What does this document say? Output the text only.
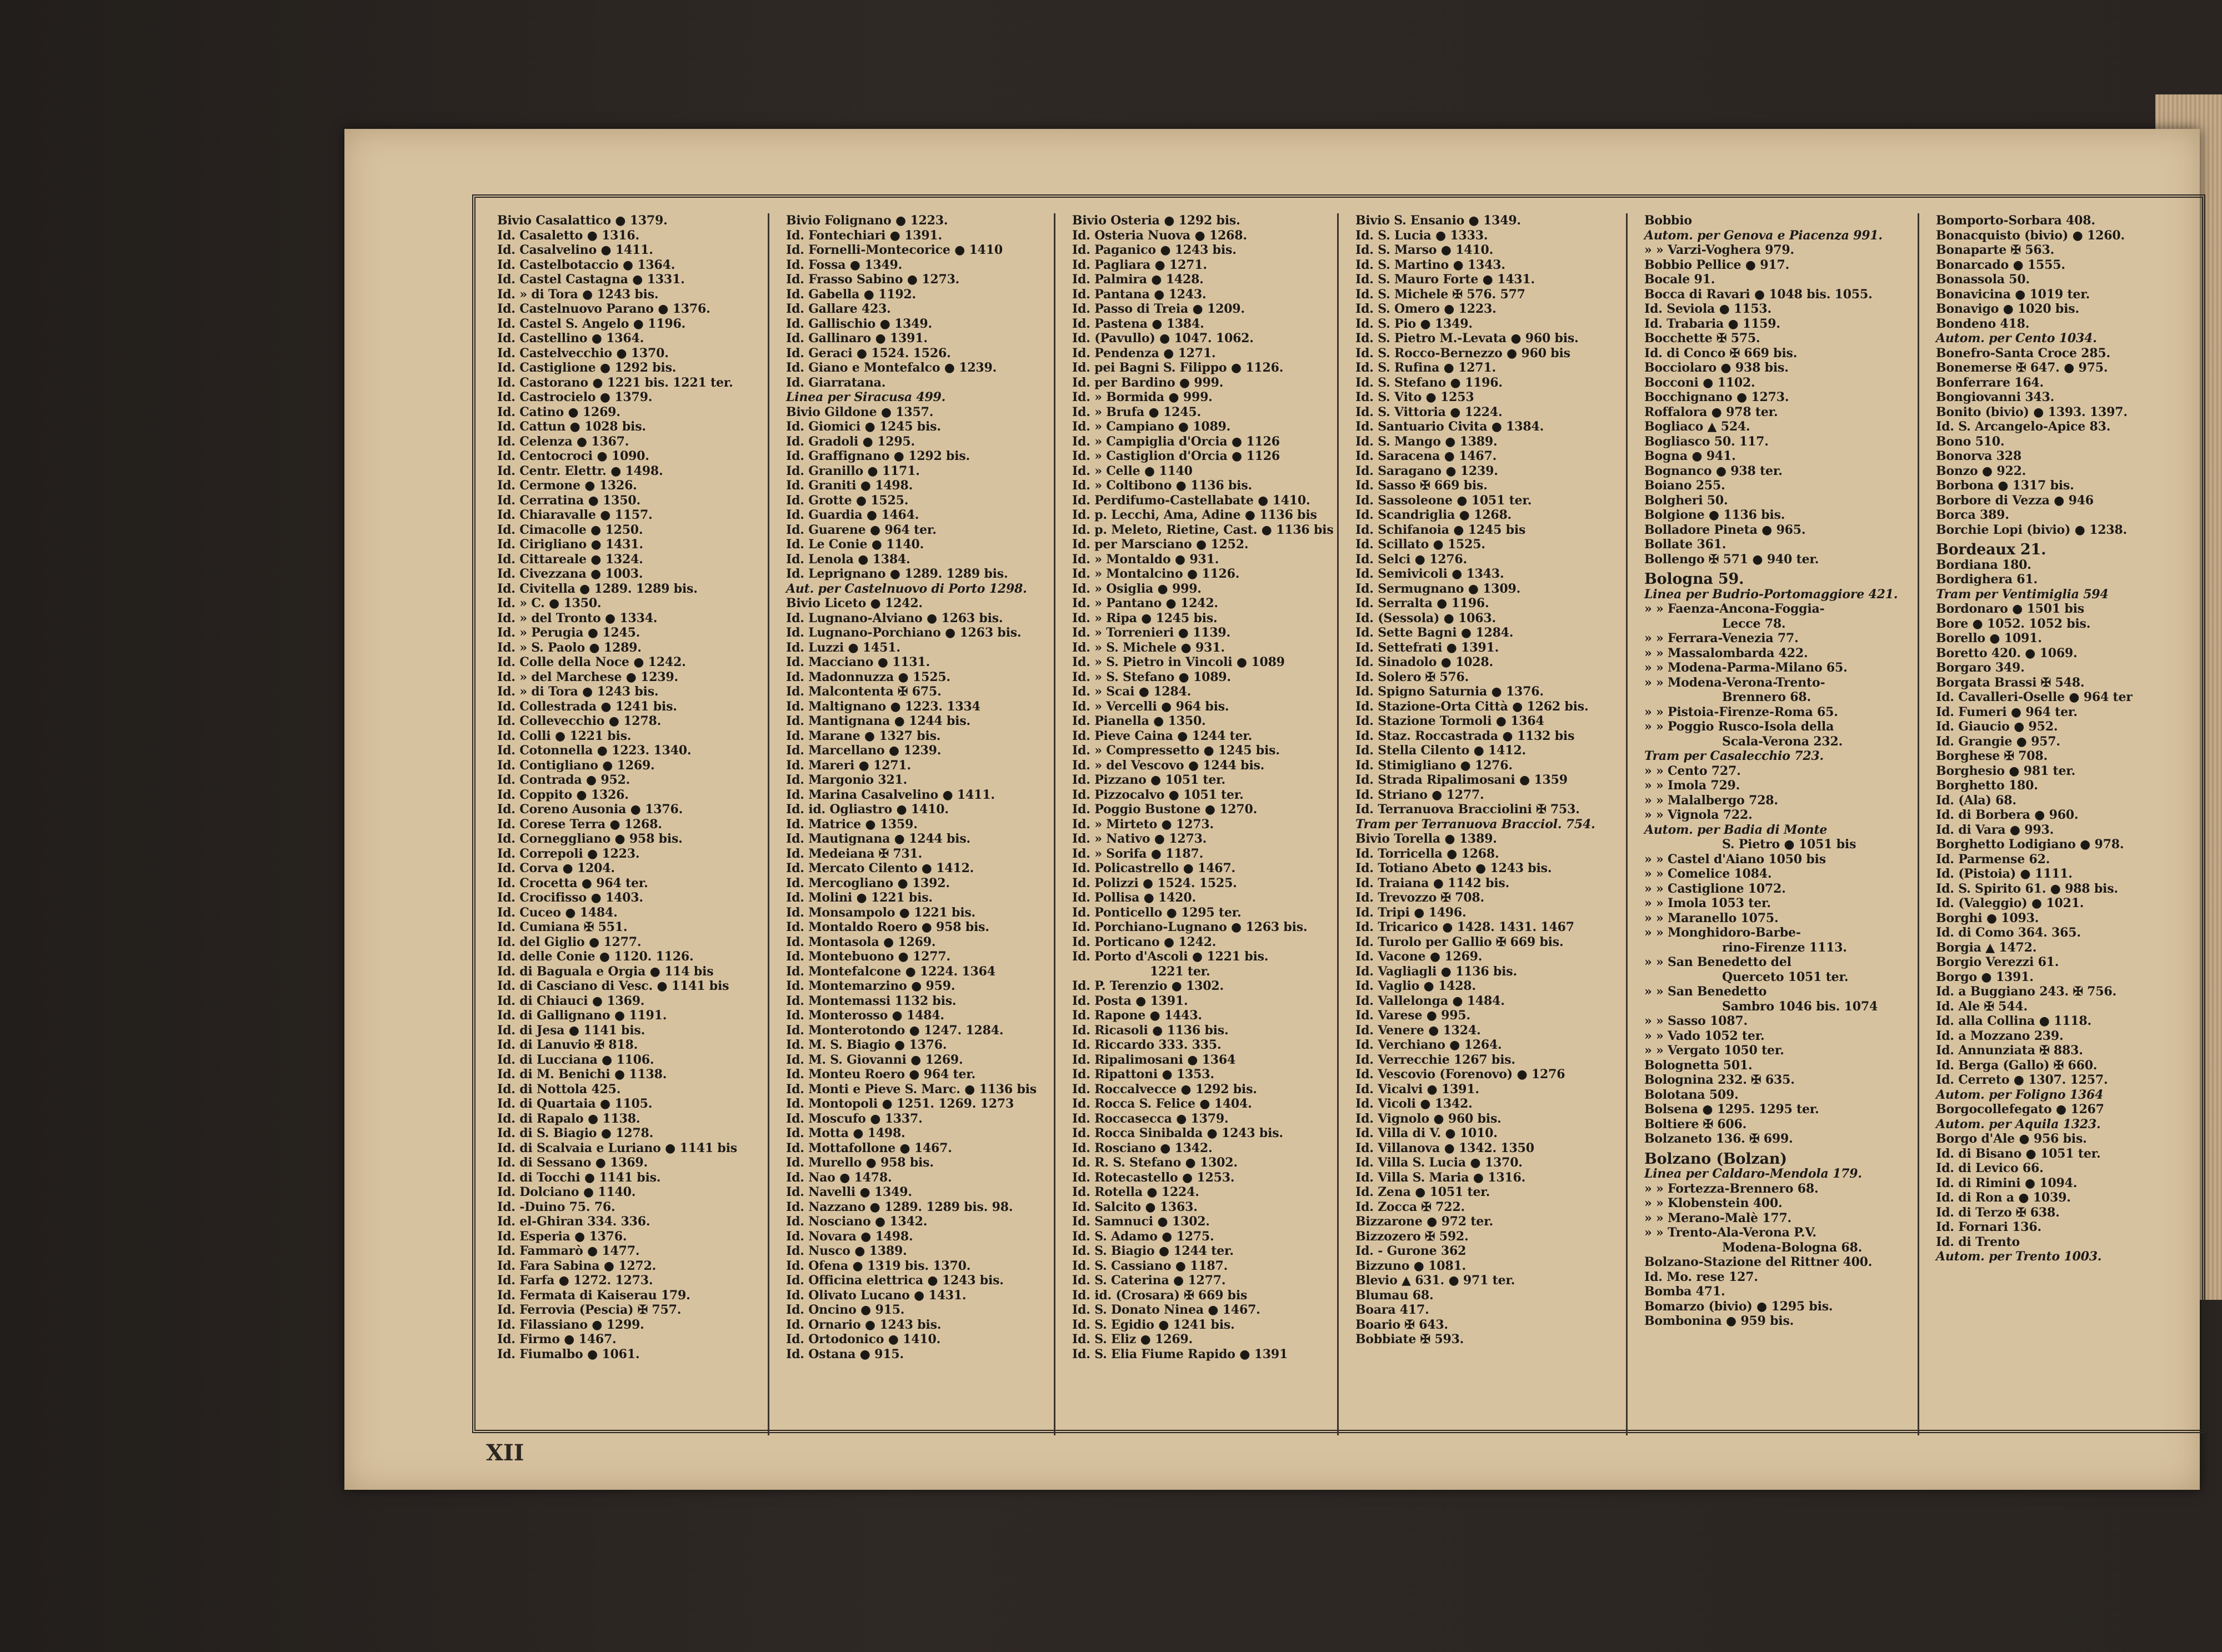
Bivio Casalattico ● 1379.
Id. Casaletto ● 1316.
Id. Casalvelino ● 1411.
Id. Castelbotaccio ● 1364.
Id. Castel Castagna ● 1331.
Id. » di Tora ● 1243 bis.
Id. Castelnuovo Parano ● 1376.
Id. Castel S. Angelo ● 1196.
Id. Castellino ● 1364.
Id. Castelvecchio ● 1370.
Id. Castiglione ● 1292 bis.
Id. Castorano ● 1221 bis. 1221 ter.
Id. Castrocielo ● 1379.
Id. Catino ● 1269.
Id. Cattun ● 1028 bis.
Id. Celenza ● 1367.
Id. Centocroci ● 1090.
Id. Centr. Elettr. ● 1498.
Id. Cermone ● 1326.
Id. Cerratina ● 1350.
Id. Chiaravalle ● 1157.
Id. Cimacolle ● 1250.
Id. Cirigliano ● 1431.
Id. Cittareale ● 1324.
Id. Civezzana ● 1003.
Id. Civitella ● 1289. 1289 bis.
Id. » C. ● 1350.
Id. » del Tronto ● 1334.
Id. » Perugia ● 1245.
Id. » S. Paolo ● 1289.
Id. Colle della Noce ● 1242.
Id. » del Marchese ● 1239.
Id. » di Tora ● 1243 bis.
Id. Collestrada ● 1241 bis.
Id. Collevecchio ● 1278.
Id. Colli ● 1221 bis.
Id. Cotonnella ● 1223. 1340.
Id. Contigliano ● 1269.
Id. Contrada ● 952.
Id. Coppito ● 1326.
Id. Coreno Ausonia ● 1376.
Id. Corese Terra ● 1268.
Id. Corneggliano ● 958 bis.
Id. Correpoli ● 1223.
Id. Corva ● 1204.
Id. Crocetta ● 964 ter.
Id. Crocifisso ● 1403.
Id. Cuceo ● 1484.
Id. Cumiana ✠ 551.
Id. del Giglio ● 1277.
Id. delle Conie ● 1120. 1126.
Id. di Baguala e Orgia ● 114 bis
Id. di Casciano di Vesc. ● 1141 bis
Id. di Chiauci ● 1369.
Id. di Gallignano ● 1191.
Id. di Jesa ● 1141 bis.
Id. di Lanuvio ✠ 818.
Id. di Lucciana ● 1106.
Id. di M. Benichi ● 1138.
Id. di Nottola 425.
Id. di Quartaia ● 1105.
Id. di Rapalo ● 1138.
Id. di S. Biagio ● 1278.
Id. di Scalvaia e Luriano ● 1141 bis
Id. di Sessano ● 1369.
Id. di Tocchi ● 1141 bis.
Id. Dolciano ● 1140.
Id. -Duino 75. 76.
Id. el-Ghiran 334. 336.
Id. Esperia ● 1376.
Id. Fammarò ● 1477.
Id. Fara Sabina ● 1272.
Id. Farfa ● 1272. 1273.
Id. Fermata di Kaiserau 179.
Id. Ferrovia (Pescia) ✠ 757.
Id. Filassiano ● 1299.
Id. Firmo ● 1467.
Id. Fiumalbo ● 1061.
Bivio Folignano ● 1223.
Id. Fontechiari ● 1391.
Id. Fornelli-Montecorice ● 1410
Id. Fossa ● 1349.
Id. Frasso Sabino ● 1273.
Id. Gabella ● 1192.
Id. Gallare 423.
Id. Gallischio ● 1349.
Id. Gallinaro ● 1391.
Id. Geraci ● 1524. 1526.
Id. Giano e Montefalco ● 1239.
Id. Giarratana.
Linea per Siracusa 499.
Bivio Gildone ● 1357.
Id. Giomici ● 1245 bis.
Id. Gradoli ● 1295.
Id. Graffignano ● 1292 bis.
Id. Granillo ● 1171.
Id. Graniti ● 1498.
Id. Grotte ● 1525.
Id. Guardia ● 1464.
Id. Guarene ● 964 ter.
Id. Le Conie ● 1140.
Id. Lenola ● 1384.
Id. Leprignano ● 1289. 1289 bis.
Aut. per Castelnuovo di Porto 1298.
Bivio Liceto ● 1242.
Id. Lugnano-Alviano ● 1263 bis.
Id. Lugnano-Porchiano ● 1263 bis.
Id. Luzzi ● 1451.
Id. Macciano ● 1131.
Id. Madonnuzza ● 1525.
Id. Malcontenta ✠ 675.
Id. Maltignano ● 1223. 1334
Id. Mantignana ● 1244 bis.
Id. Marane ● 1327 bis.
Id. Marcellano ● 1239.
Id. Mareri ● 1271.
Id. Margonio 321.
Id. Marina Casalvelino ● 1411.
Id. id. Ogliastro ● 1410.
Id. Matrice ● 1359.
Id. Mautignana ● 1244 bis.
Id. Medeiana ✠ 731.
Id. Mercato Cilento ● 1412.
Id. Mercogliano ● 1392.
Id. Molini ● 1221 bis.
Id. Monsampolo ● 1221 bis.
Id. Montaldo Roero ● 958 bis.
Id. Montasola ● 1269.
Id. Montebuono ● 1277.
Id. Montefalcone ● 1224. 1364
Id. Montemarzino ● 959.
Id. Montemassi 1132 bis.
Id. Monterosso ● 1484.
Id. Monterotondo ● 1247. 1284.
Id. M. S. Biagio ● 1376.
Id. M. S. Giovanni ● 1269.
Id. Monteu Roero ● 964 ter.
Id. Monti e Pieve S. Marc. ● 1136 bis
Id. Montopoli ● 1251. 1269. 1273
Id. Moscufo ● 1337.
Id. Motta ● 1498.
Id. Mottafollone ● 1467.
Id. Murello ● 958 bis.
Id. Nao ● 1478.
Id. Navelli ● 1349.
Id. Nazzano ● 1289. 1289 bis. 98.
Id. Nosciano ● 1342.
Id. Novara ● 1498.
Id. Nusco ● 1389.
Id. Ofena ● 1319 bis. 1370.
Id. Officina elettrica ● 1243 bis.
Id. Olivato Lucano ● 1431.
Id. Oncino ● 915.
Id. Ornario ● 1243 bis.
Id. Ortodonico ● 1410.
Id. Ostana ● 915.
Bivio Osteria ● 1292 bis.
Id. Osteria Nuova ● 1268.
Id. Paganico ● 1243 bis.
Id. Pagliara ● 1271.
Id. Palmira ● 1428.
Id. Pantana ● 1243.
Id. Passo di Treia ● 1209.
Id. Pastena ● 1384.
Id. (Pavullo) ● 1047. 1062.
Id. Pendenza ● 1271.
Id. pei Bagni S. Filippo ● 1126.
Id. per Bardino ● 999.
Id. » Bormida ● 999.
Id. » Brufa ● 1245.
Id. » Campiano ● 1089.
Id. » Campiglia d'Orcia ● 1126
Id. » Castiglion d'Orcia ● 1126
Id. » Celle ● 1140
Id. » Coltibono ● 1136 bis.
Id. Perdifumo-Castellabate ● 1410.
Id. p. Lecchi, Ama, Adine ● 1136 bis
Id. p. Meleto, Rietine, Cast. ● 1136 bis
Id. per Marsciano ● 1252.
Id. » Montaldo ● 931.
Id. » Montalcino ● 1126.
Id. » Osiglia ● 999.
Id. » Pantano ● 1242.
Id. » Ripa ● 1245 bis.
Id. » Torrenieri ● 1139.
Id. » S. Michele ● 931.
Id. » S. Pietro in Vincoli ● 1089
Id. » S. Stefano ● 1089.
Id. » Scai ● 1284.
Id. » Vercelli ● 964 bis.
Id. Pianella ● 1350.
Id. Pieve Caina ● 1244 ter.
Id. » Compressetto ● 1245 bis.
Id. » del Vescovo ● 1244 bis.
Id. Pizzano ● 1051 ter.
Id. Pizzocalvo ● 1051 ter.
Id. Poggio Bustone ● 1270.
Id. » Mirteto ● 1273.
Id. » Nativo ● 1273.
Id. » Sorifa ● 1187.
Id. Policastrello ● 1467.
Id. Polizzi ● 1524. 1525.
Id. Pollisa ● 1420.
Id. Ponticello ● 1295 ter.
Id. Porchiano-Lugnano ● 1263 bis.
Id. Porticano ● 1242.
Id. Porto d'Ascoli ● 1221 bis.
1221 ter.
Id. P. Terenzio ● 1302.
Id. Posta ● 1391.
Id. Rapone ● 1443.
Id. Ricasoli ● 1136 bis.
Id. Riccardo 333. 335.
Id. Ripalimosani ● 1364
Id. Ripattoni ● 1353.
Id. Roccalvecce ● 1292 bis.
Id. Rocca S. Felice ● 1404.
Id. Roccasecca ● 1379.
Id. Rocca Sinibalda ● 1243 bis.
Id. Rosciano ● 1342.
Id. R. S. Stefano ● 1302.
Id. Rotecastello ● 1253.
Id. Rotella ● 1224.
Id. Salcito ● 1363.
Id. Samnuci ● 1302.
Id. S. Adamo ● 1275.
Id. S. Biagio ● 1244 ter.
Id. S. Cassiano ● 1187.
Id. S. Caterina ● 1277.
Id. id. (Crosara) ✠ 669 bis
Id. S. Donato Ninea ● 1467.
Id. S. Egidio ● 1241 bis.
Id. S. Eliz ● 1269.
Id. S. Elia Fiume Rapido ● 1391
Bivio S. Ensanio ● 1349.
Id. S. Lucia ● 1333.
Id. S. Marso ● 1410.
Id. S. Martino ● 1343.
Id. S. Mauro Forte ● 1431.
Id. S. Michele ✠ 576. 577
Id. S. Omero ● 1223.
Id. S. Pio ● 1349.
Id. S. Pietro M.-Levata ● 960 bis.
Id. S. Rocco-Bernezzo ● 960 bis
Id. S. Rufina ● 1271.
Id. S. Stefano ● 1196.
Id. S. Vito ● 1253
Id. S. Vittoria ● 1224.
Id. Santuario Civita ● 1384.
Id. S. Mango ● 1389.
Id. Saracena ● 1467.
Id. Saragano ● 1239.
Id. Sasso ✠ 669 bis.
Id. Sassoleone ● 1051 ter.
Id. Scandriglia ● 1268.
Id. Schifanoia ● 1245 bis
Id. Scillato ● 1525.
Id. Selci ● 1276.
Id. Semivicoli ● 1343.
Id. Sermugnano ● 1309.
Id. Serralta ● 1196.
Id. (Sessola) ● 1063.
Id. Sette Bagni ● 1284.
Id. Settefrati ● 1391.
Id. Sinadolo ● 1028.
Id. Solero ✠ 576.
Id. Spigno Saturnia ● 1376.
Id. Stazione-Orta Città ● 1262 bis.
Id. Stazione Tormoli ● 1364
Id. Staz. Roccastrada ● 1132 bis
Id. Stella Cilento ● 1412.
Id. Stimigliano ● 1276.
Id. Strada Ripalimosani ● 1359
Id. Striano ● 1277.
Id. Terranuova Bracciolini ✠ 753.
Tram per Terranuova Bracciol. 754.
Bivio Torella ● 1389.
Id. Torricella ● 1268.
Id. Totiano Abeto ● 1243 bis.
Id. Traiana ● 1142 bis.
Id. Trevozzo ✠ 708.
Id. Tripi ● 1496.
Id. Tricarico ● 1428. 1431. 1467
Id. Turolo per Gallio ✠ 669 bis.
Id. Vacone ● 1269.
Id. Vagliagli ● 1136 bis.
Id. Vaglio ● 1428.
Id. Vallelonga ● 1484.
Id. Varese ● 995.
Id. Venere ● 1324.
Id. Verchiano ● 1264.
Id. Verrecchie 1267 bis.
Id. Vescovio (Forenovo) ● 1276
Id. Vicalvi ● 1391.
Id. Vicoli ● 1342.
Id. Vignolo ● 960 bis.
Id. Villa di V. ● 1010.
Id. Villanova ● 1342. 1350
Id. Villa S. Lucia ● 1370.
Id. Villa S. Maria ● 1316.
Id. Zena ● 1051 ter.
Id. Zocca ✠ 722.
Bizzarone ● 972 ter.
Bizzozero ✠ 592.
Id. - Gurone 362
Bizzuno ● 1081.
Blevio ▲ 631. ● 971 ter.
Blumau 68.
Boara 417.
Boario ✠ 643.
Bobbiate ✠ 593.
Bobbio
Autom. per Genova e Piacenza 991.
» » Varzi-Voghera 979.
Bobbio Pellice ● 917.
Bocale 91.
Bocca di Ravari ● 1048 bis. 1055.
Id. Seviola ● 1153.
Id. Trabaria ● 1159.
Bocchette ✠ 575.
Id. di Conco ✠ 669 bis.
Bocciolaro ● 938 bis.
Bocconi ● 1102.
Bocchignano ● 1273.
Roffalora ● 978 ter.
Bogliaco ▲ 524.
Bogliasco 50. 117.
Bogna ● 941.
Bognanco ● 938 ter.
Boiano 255.
Bolgheri 50.
Bolgione ● 1136 bis.
Bolladore Pineta ● 965.
Bollate 361.
Bollengo ✠ 571 ● 940 ter.
Bologna 59.
Linea per Budrio-Portomaggiore 421.
» » Faenza-Ancona-Foggia-
Lecce 78.
» » Ferrara-Venezia 77.
» » Massalombarda 422.
» » Modena-Parma-Milano 65.
» » Modena-Verona-Trento-
Brennero 68.
» » Pistoia-Firenze-Roma 65.
» » Poggio Rusco-Isola della
Scala-Verona 232.
Tram per Casalecchio 723.
» » Cento 727.
» » Imola 729.
» » Malalbergo 728.
» » Vignola 722.
Autom. per Badia di Monte
S. Pietro ● 1051 bis
» » Castel d'Aiano 1050 bis
» » Comelice 1084.
» » Castiglione 1072.
» » Imola 1053 ter.
» » Maranello 1075.
» » Monghidoro-Barbe-
rino-Firenze 1113.
» » San Benedetto del
Querceto 1051 ter.
» » San Benedetto
Sambro 1046 bis. 1074
» » Sasso 1087.
» » Vado 1052 ter.
» » Vergato 1050 ter.
Bolognetta 501.
Bolognina 232. ✠ 635.
Bolotana 509.
Bolsena ● 1295. 1295 ter.
Boltiere ✠ 606.
Bolzaneto 136. ✠ 699.
Bolzano (Bolzan)
Linea per Caldaro-Mendola 179.
» » Fortezza-Brennero 68.
» » Klobenstein 400.
» » Merano-Malè 177.
» » Trento-Ala-Verona P.V.
Modena-Bologna 68.
Bolzano-Stazione del Rittner 400.
Id. Mo. rese 127.
Bomba 471.
Bomarzo (bivio) ● 1295 bis.
Bombonina ● 959 bis.
Bomporto-Sorbara 408.
Bonacquisto (bivio) ● 1260.
Bonaparte ✠ 563.
Bonarcado ● 1555.
Bonassola 50.
Bonavicina ● 1019 ter.
Bonavigo ● 1020 bis.
Bondeno 418.
Autom. per Cento 1034.
Bonefro-Santa Croce 285.
Bonemerse ✠ 647. ● 975.
Bonferrare 164.
Bongiovanni 343.
Bonito (bivio) ● 1393. 1397.
Id. S. Arcangelo-Apice 83.
Bono 510.
Bonorva 328
Bonzo ● 922.
Borbona ● 1317 bis.
Borbore di Vezza ● 946
Borca 389.
Borchie Lopi (bivio) ● 1238.
Bordeaux 21.
Bordiana 180.
Bordighera 61.
Tram per Ventimiglia 594
Bordonaro ● 1501 bis
Bore ● 1052. 1052 bis.
Borello ● 1091.
Boretto 420. ● 1069.
Borgaro 349.
Borgata Brassi ✠ 548.
Id. Cavalleri-Oselle ● 964 ter
Id. Fumeri ● 964 ter.
Id. Giaucio ● 952.
Id. Grangie ● 957.
Borghese ✠ 708.
Borghesio ● 981 ter.
Borghetto 180.
Id. (Ala) 68.
Id. di Borbera ● 960.
Id. di Vara ● 993.
Borghetto Lodigiano ● 978.
Id. Parmense 62.
Id. (Pistoia) ● 1111.
Id. S. Spirito 61. ● 988 bis.
Id. (Valeggio) ● 1021.
Borghi ● 1093.
Id. di Como 364. 365.
Borgia ▲ 1472.
Borgio Verezzi 61.
Borgo ● 1391.
Id. a Buggiano 243. ✠ 756.
Id. Ale ✠ 544.
Id. alla Collina ● 1118.
Id. a Mozzano 239.
Id. Annunziata ✠ 883.
Id. Berga (Gallo) ✠ 660.
Id. Cerreto ● 1307. 1257.
Autom. per Foligno 1364
Borgocollefegato ● 1267
Autom. per Aquila 1323.
Borgo d'Ale ● 956 bis.
Id. di Bisano ● 1051 ter.
Id. di Levico 66.
Id. di Rimini ● 1094.
Id. di Ron a ● 1039.
Id. di Terzo ✠ 638.
Id. Fornari 136.
Id. di Trento
Autom. per Trento 1003.
XII
